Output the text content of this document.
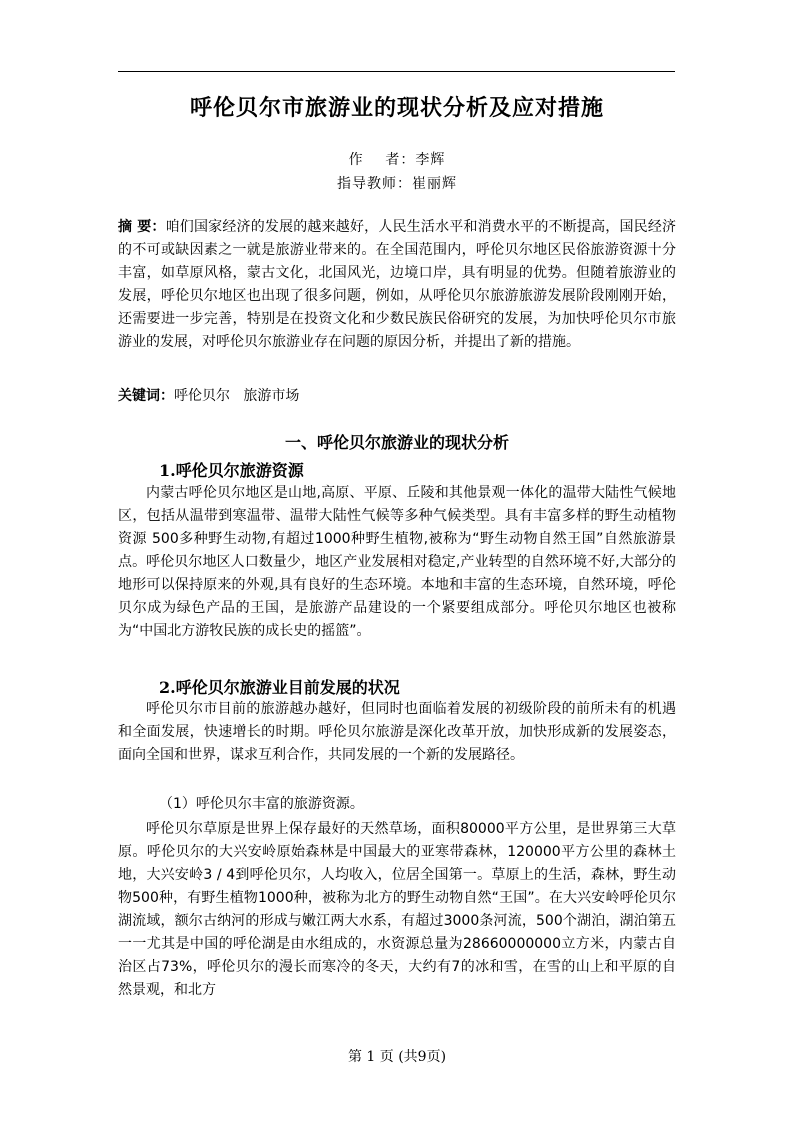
呼伦贝尔市旅游业的现状分析及应对措施
作    者：李辉
指导教师：崔丽辉
摘 要：咱们国家经济的发展的越来越好，人民生活水平和消费水平的不断提高，国民经济的不可或缺因素之一就是旅游业带来的。在全国范围内，呼伦贝尔地区民俗旅游资源十分丰富，如草原风格，蒙古文化，北国风光，边境口岸，具有明显的优势。但随着旅游业的发展，呼伦贝尔地区也出现了很多问题，例如，从呼伦贝尔旅游旅游发展阶段刚刚开始，还需要进一步完善，特别是在投资文化和少数民族民俗研究的发展，为加快呼伦贝尔市旅游业的发展，对呼伦贝尔旅游业存在问题的原因分析，并提出了新的措施。
关键词：呼伦贝尔   旅游市场
一、呼伦贝尔旅游业的现状分析
1.呼伦贝尔旅游资源

内蒙古呼伦贝尔地区是山地,高原、平原、丘陵和其他景观一体化的温带大陆性气候地区，包括从温带到寒温带、温带大陆性气候等多种气候类型。具有丰富多样的野生动植物资源 500多种野生动物,有超过1000种野生植物,被称为“野生动物自然王国”自然旅游景点。呼伦贝尔地区人口数量少，地区产业发展相对稳定,产业转型的自然环境不好,大部分的地形可以保持原来的外观,具有良好的生态环境。本地和丰富的生态环境，自然环境，呼伦贝尔成为绿色产品的王国，是旅游产品建设的一个紧要组成部分。呼伦贝尔地区也被称为“中国北方游牧民族的成长史的摇篮”。

2.呼伦贝尔旅游业目前发展的状况

呼伦贝尔市目前的旅游越办越好，但同时也面临着发展的初级阶段的前所未有的机遇和全面发展，快速增长的时期。呼伦贝尔旅游是深化改革开放，加快形成新的发展姿态，面向全国和世界，谋求互利合作，共同发展的一个新的发展路径。

（1）呼伦贝尔丰富的旅游资源。

呼伦贝尔草原是世界上保存最好的天然草场，面积80000平方公里，是世界第三大草原。呼伦贝尔的大兴安岭原始森林是中国最大的亚寒带森林，120000平方公里的森林土地，大兴安岭3 / 4到呼伦贝尔，人均收入，位居全国第一。草原上的生活，森林，野生动物500种，有野生植物1000种，被称为北方的野生动物自然“王国”。在大兴安岭呼伦贝尔湖流域，额尔古纳河的形成与嫩江两大水系，有超过3000条河流，500个湖泊，湖泊第五一一尤其是中国的呼伦湖是由水组成的，水资源总量为28660000000立方米，内蒙古自治区占73%，呼伦贝尔的漫长而寒冷的冬天，大约有7的冰和雪，在雪的山上和平原的自然景观，和北方

第 1 页 (共9页)
